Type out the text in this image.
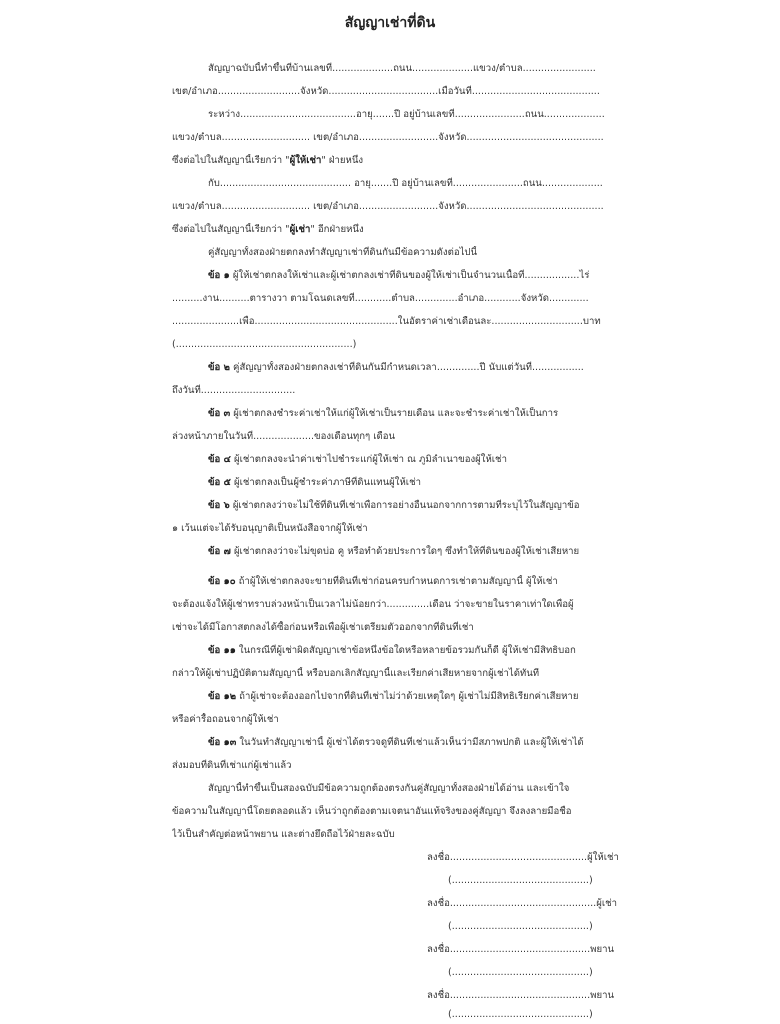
สัญญาเช่าที่ดิน
สัญญาฉบับนี้ทำขึ้นที่บ้านเลขที่....................ถนน....................แขวง/ตำบล........................
เขต/อำเภอ...........................จังหวัด....................................เมื่อวันที่..........................................
ระหว่าง......................................อายุ.......ปี อยู่บ้านเลขที่.......................ถนน....................
แขวง/ตำบล............................. เขต/อำเภอ..........................จังหวัด.............................................
ซึ่งต่อไปในสัญญานี้เรียกว่า "ผู้ให้เช่า" ฝ่ายหนึ่ง
กับ........................................... อายุ.......ปี อยู่บ้านเลขที่.......................ถนน....................
แขวง/ตำบล............................. เขต/อำเภอ..........................จังหวัด.............................................
ซึ่งต่อไปในสัญญานี้เรียกว่า "ผู้เช่า" อีกฝ่ายหนึ่ง
คู่สัญญาทั้งสองฝ่ายตกลงทำสัญญาเช่าที่ดินกันมีข้อความดังต่อไปนี้
ข้อ ๑ ผู้ให้เช่าตกลงให้เช่าและผู้เช่าตกลงเช่าที่ดินของผู้ให้เช่าเป็นจำนวนเนื้อที่..................ไร่
..........งาน..........ตารางวา ตามโฉนดเลขที่............ตำบล..............อำเภอ............จังหวัด.............
......................เพื่อ...............................................ในอัตราค่าเช่าเดือนละ..............................บาท
(..........................................................)
ข้อ ๒ คู่สัญญาทั้งสองฝ่ายตกลงเช่าที่ดินกันมีกำหนดเวลา..............ปี นับแต่วันที่.................
ถึงวันที่...............................
ข้อ ๓ ผู้เช่าตกลงชำระค่าเช่าให้แก่ผู้ให้เช่าเป็นรายเดือน และจะชำระค่าเช่าให้เป็นการ
ล่วงหน้าภายในวันที่....................ของเดือนทุกๆ เดือน
ข้อ ๔ ผู้เช่าตกลงจะนำค่าเช่าไปชำระแก่ผู้ให้เช่า ณ ภูมิลำเนาของผู้ให้เช่า
ข้อ ๕ ผู้เช่าตกลงเป็นผู้ชำระค่าภาษีที่ดินแทนผู้ให้เช่า
ข้อ ๖ ผู้เช่าตกลงว่าจะไม่ใช้ที่ดินที่เช่าเพื่อการอย่างอื่นนอกจากการตามที่ระบุไว้ในสัญญาข้อ
๑ เว้นแต่จะได้รับอนุญาติเป็นหนังสือจากผู้ให้เช่า
ข้อ ๗ ผู้เช่าตกลงว่าจะไม่ขุดบ่อ คู หรือทำด้วยประการใดๆ ซึ่งทำให้ที่ดินของผู้ให้เช่าเสียหาย
ข้อ ๑๐ ถ้าผู้ให้เช่าตกลงจะขายที่ดินที่เช่าก่อนครบกำหนดการเช่าตามสัญญานี้ ผู้ให้เช่า
จะต้องแจ้งให้ผู้เช่าทราบล่วงหน้าเป็นเวลาไม่น้อยกว่า..............เดือน ว่าจะขายในราคาเท่าใดเพื่อผู้
เช่าจะได้มีโอกาสตกลงได้ซื้อก่อนหรือเพื่อผู้เช่าเตรียมตัวออกจากที่ดินที่เช่า
ข้อ ๑๑ ในกรณีที่ผู้เช่าผิดสัญญาเช่าข้อหนึ่งข้อใดหรือหลายข้อรวมกันก็ดี ผู้ให้เช่ามีสิทธิบอก
กล่าวให้ผู้เช่าปฏิบัติตามสัญญานี้ หรือบอกเลิกสัญญานี้และเรียกค่าเสียหายจากผู้เช่าได้ทันที
ข้อ ๑๒ ถ้าผู้เช่าจะต้องออกไปจากที่ดินที่เช่าไม่ว่าด้วยเหตุใดๆ ผู้เช่าไม่มีสิทธิเรียกค่าเสียหาย
หรือค่ารื้อถอนจากผู้ให้เช่า
ข้อ ๑๓ ในวันทำสัญญาเช่านี้ ผู้เช่าได้ตรวจดูที่ดินที่เช่าแล้วเห็นว่ามีสภาพปกติ และผู้ให้เช่าได้
ส่งมอบที่ดินที่เช่าแก่ผู้เช่าแล้ว
สัญญานี้ทำขึ้นเป็นสองฉบับมีข้อความถูกต้องตรงกันคู่สัญญาทั้งสองฝ่ายได้อ่าน และเข้าใจ
ข้อความในสัญญานี้โดยตลอดแล้ว เห็นว่าถูกต้องตามเจตนาอันแท้จริงของคู่สัญญา จึงลงลายมือชื่อ
ไว้เป็นสำคัญต่อหน้าพยาน และต่างยึดถือไว้ฝ่ายละฉบับ
ลงชื่อ.............................................ผู้ให้เช่า
(.............................................)
ลงชื่อ................................................ผู้เช่า
(.............................................)
ลงชื่อ..............................................พยาน
(.............................................)
ลงชื่อ..............................................พยาน
(.............................................)
